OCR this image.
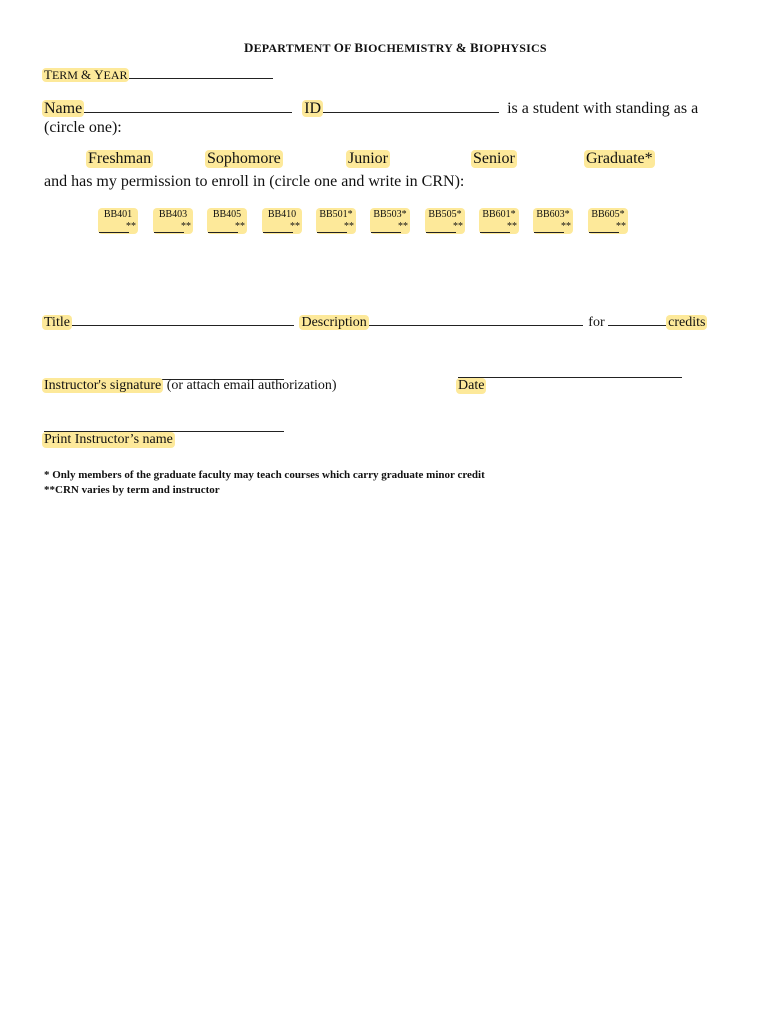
DEPARTMENT OF BIOCHEMISTRY & BIOPHYSICS
TERM & YEAR
Name	ID	is a student with standing as a
(circle one):
Freshman	Sophomore	Junior	Senior	Graduate*
and has my permission to enroll in (circle one and write in CRN):
BB401
**
BB403
**
BB405
**
BB410
**
BB501*
**
BB503*
**
BB505*
**
BB601*
**
BB603*
**
BB605*
**
Title	Description	for	credits
Instructor's signature (or attach email authorization)	Date
Print Instructor’s name
* Only members of the graduate faculty may teach courses which carry graduate minor credit
**CRN varies by term and instructor
